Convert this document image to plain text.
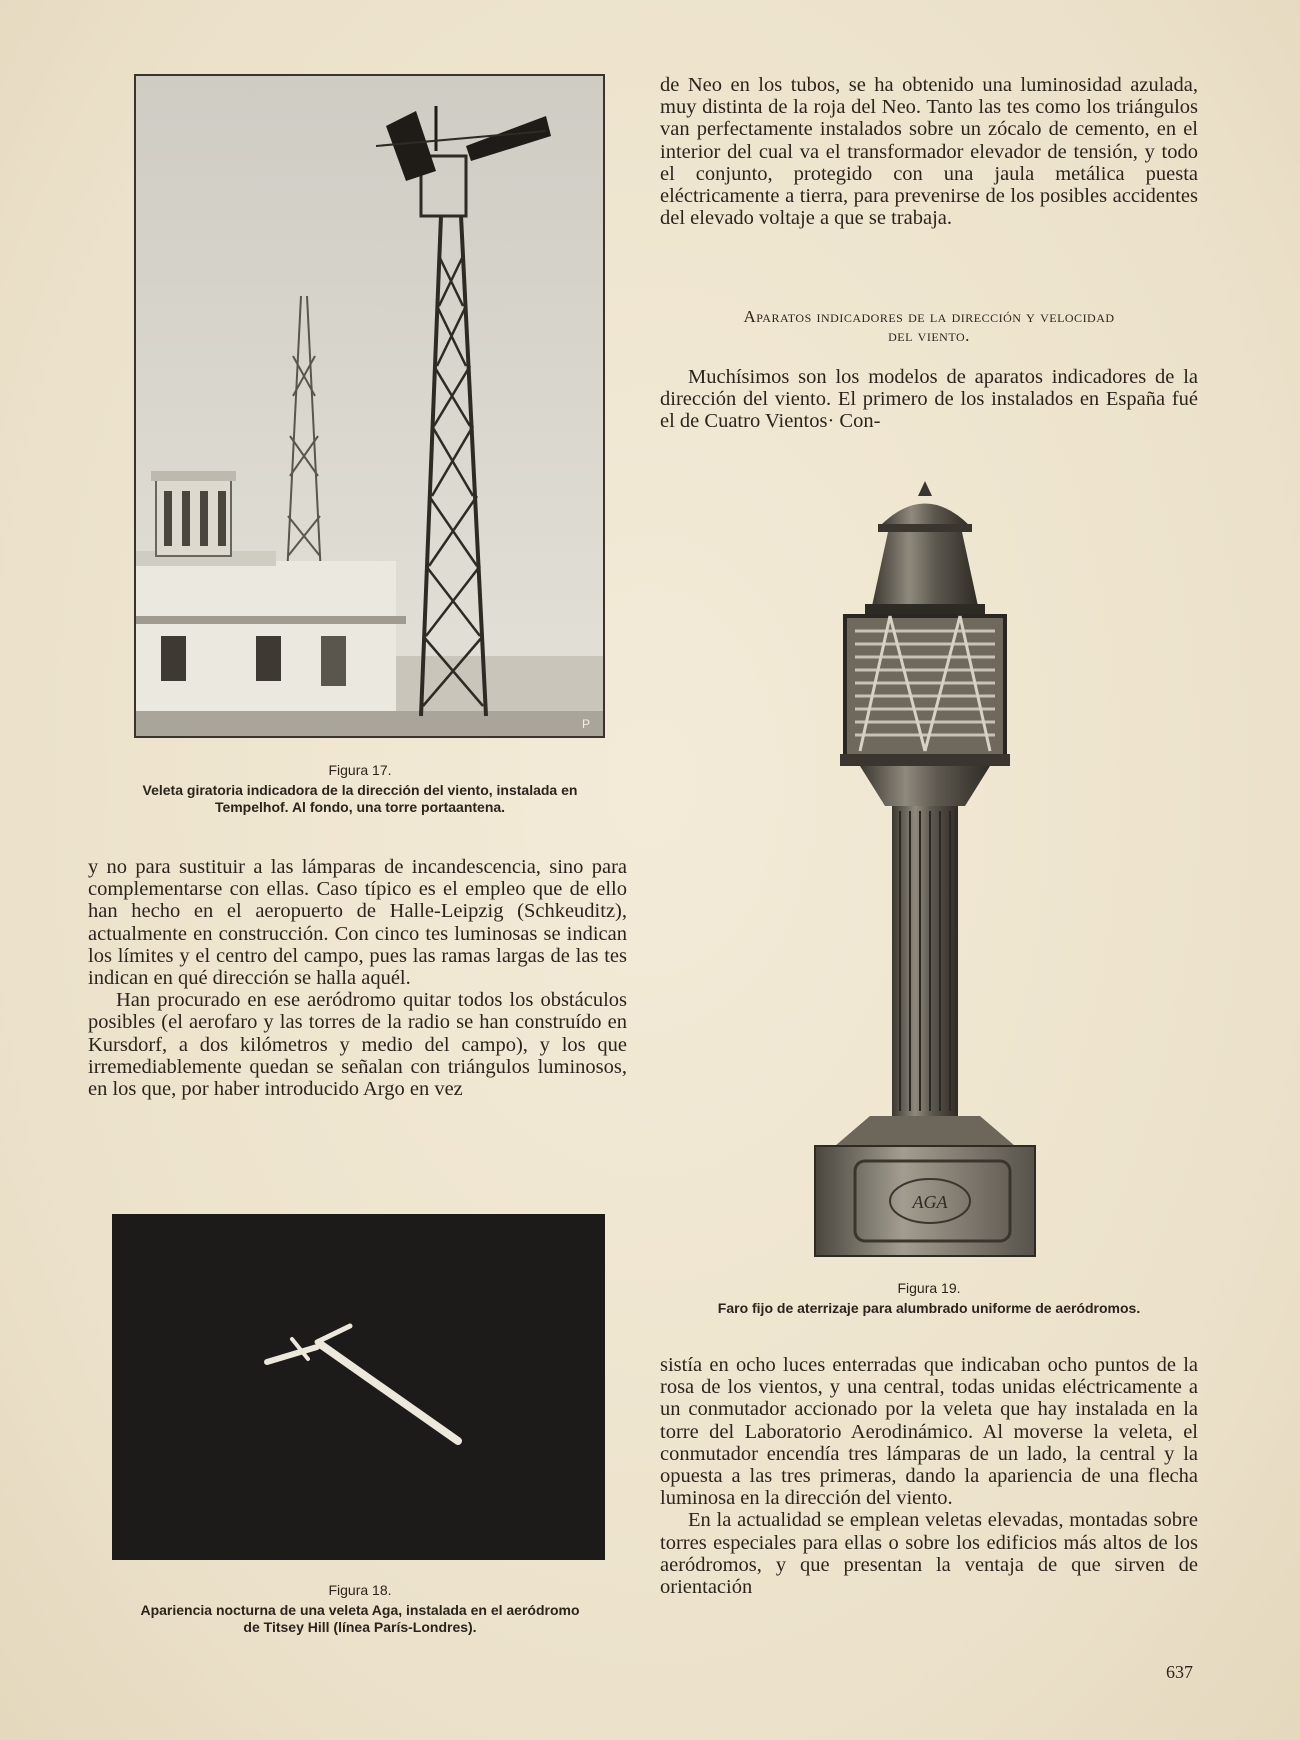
P
Figura 17.
Veleta giratoria indicadora de la dirección del viento, instalada en
Tempelhof. Al fondo, una torre portaantena.

y no para sustituir a las lámparas de incandescencia, sino para complementarse con ellas. Caso típico es el empleo que de ello han hecho en el aeropuerto de Halle-Leipzig (Schkeuditz), actualmente en construcción. Con cinco tes luminosas se indican los límites y el centro del campo, pues las ramas largas de las tes indican en qué dirección se halla aquél.

Han procurado en ese aeródromo quitar todos los obstáculos posibles (el aerofaro y las torres de la radio se han construído en Kursdorf, a dos kilómetros y medio del campo), y los que irremediablemente quedan se señalan con triángulos luminosos, en los que, por haber introducido Argo en vez

Figura 18.
Apariencia nocturna de una veleta Aga, instalada en el aeródromo
de Titsey Hill (línea París-Londres).

de Neo en los tubos, se ha obtenido una luminosidad azulada, muy distinta de la roja del Neo. Tanto las tes como los triángulos van perfectamente instalados sobre un zócalo de cemento, en el interior del cual va el transformador elevador de tensión, y todo el conjunto, protegido con una jaula metálica puesta eléctricamente a tierra, para prevenirse de los posibles accidentes del elevado voltaje a que se trabaja.

Aparatos indicadores de la dirección y velocidad
del viento.

Muchísimos son los modelos de aparatos indicadores de la dirección del viento. El primero de los instalados en España fué el de Cuatro Vientos· Con-

AGA
Figura 19.
Faro fijo de aterrizaje para alumbrado uniforme de aeródromos.

sistía en ocho luces enterradas que indicaban ocho puntos de la rosa de los vientos, y una central, todas unidas eléctricamente a un conmutador accionado por la veleta que hay instalada en la torre del Laboratorio Aerodinámico. Al moverse la veleta, el conmutador encendía tres lámparas de un lado, la central y la opuesta a las tres primeras, dando la apariencia de una flecha luminosa en la dirección del viento.

En la actualidad se emplean veletas elevadas, montadas sobre torres especiales para ellas o sobre los edificios más altos de los aeródromos, y que presentan la ventaja de que sirven de orientación

637
